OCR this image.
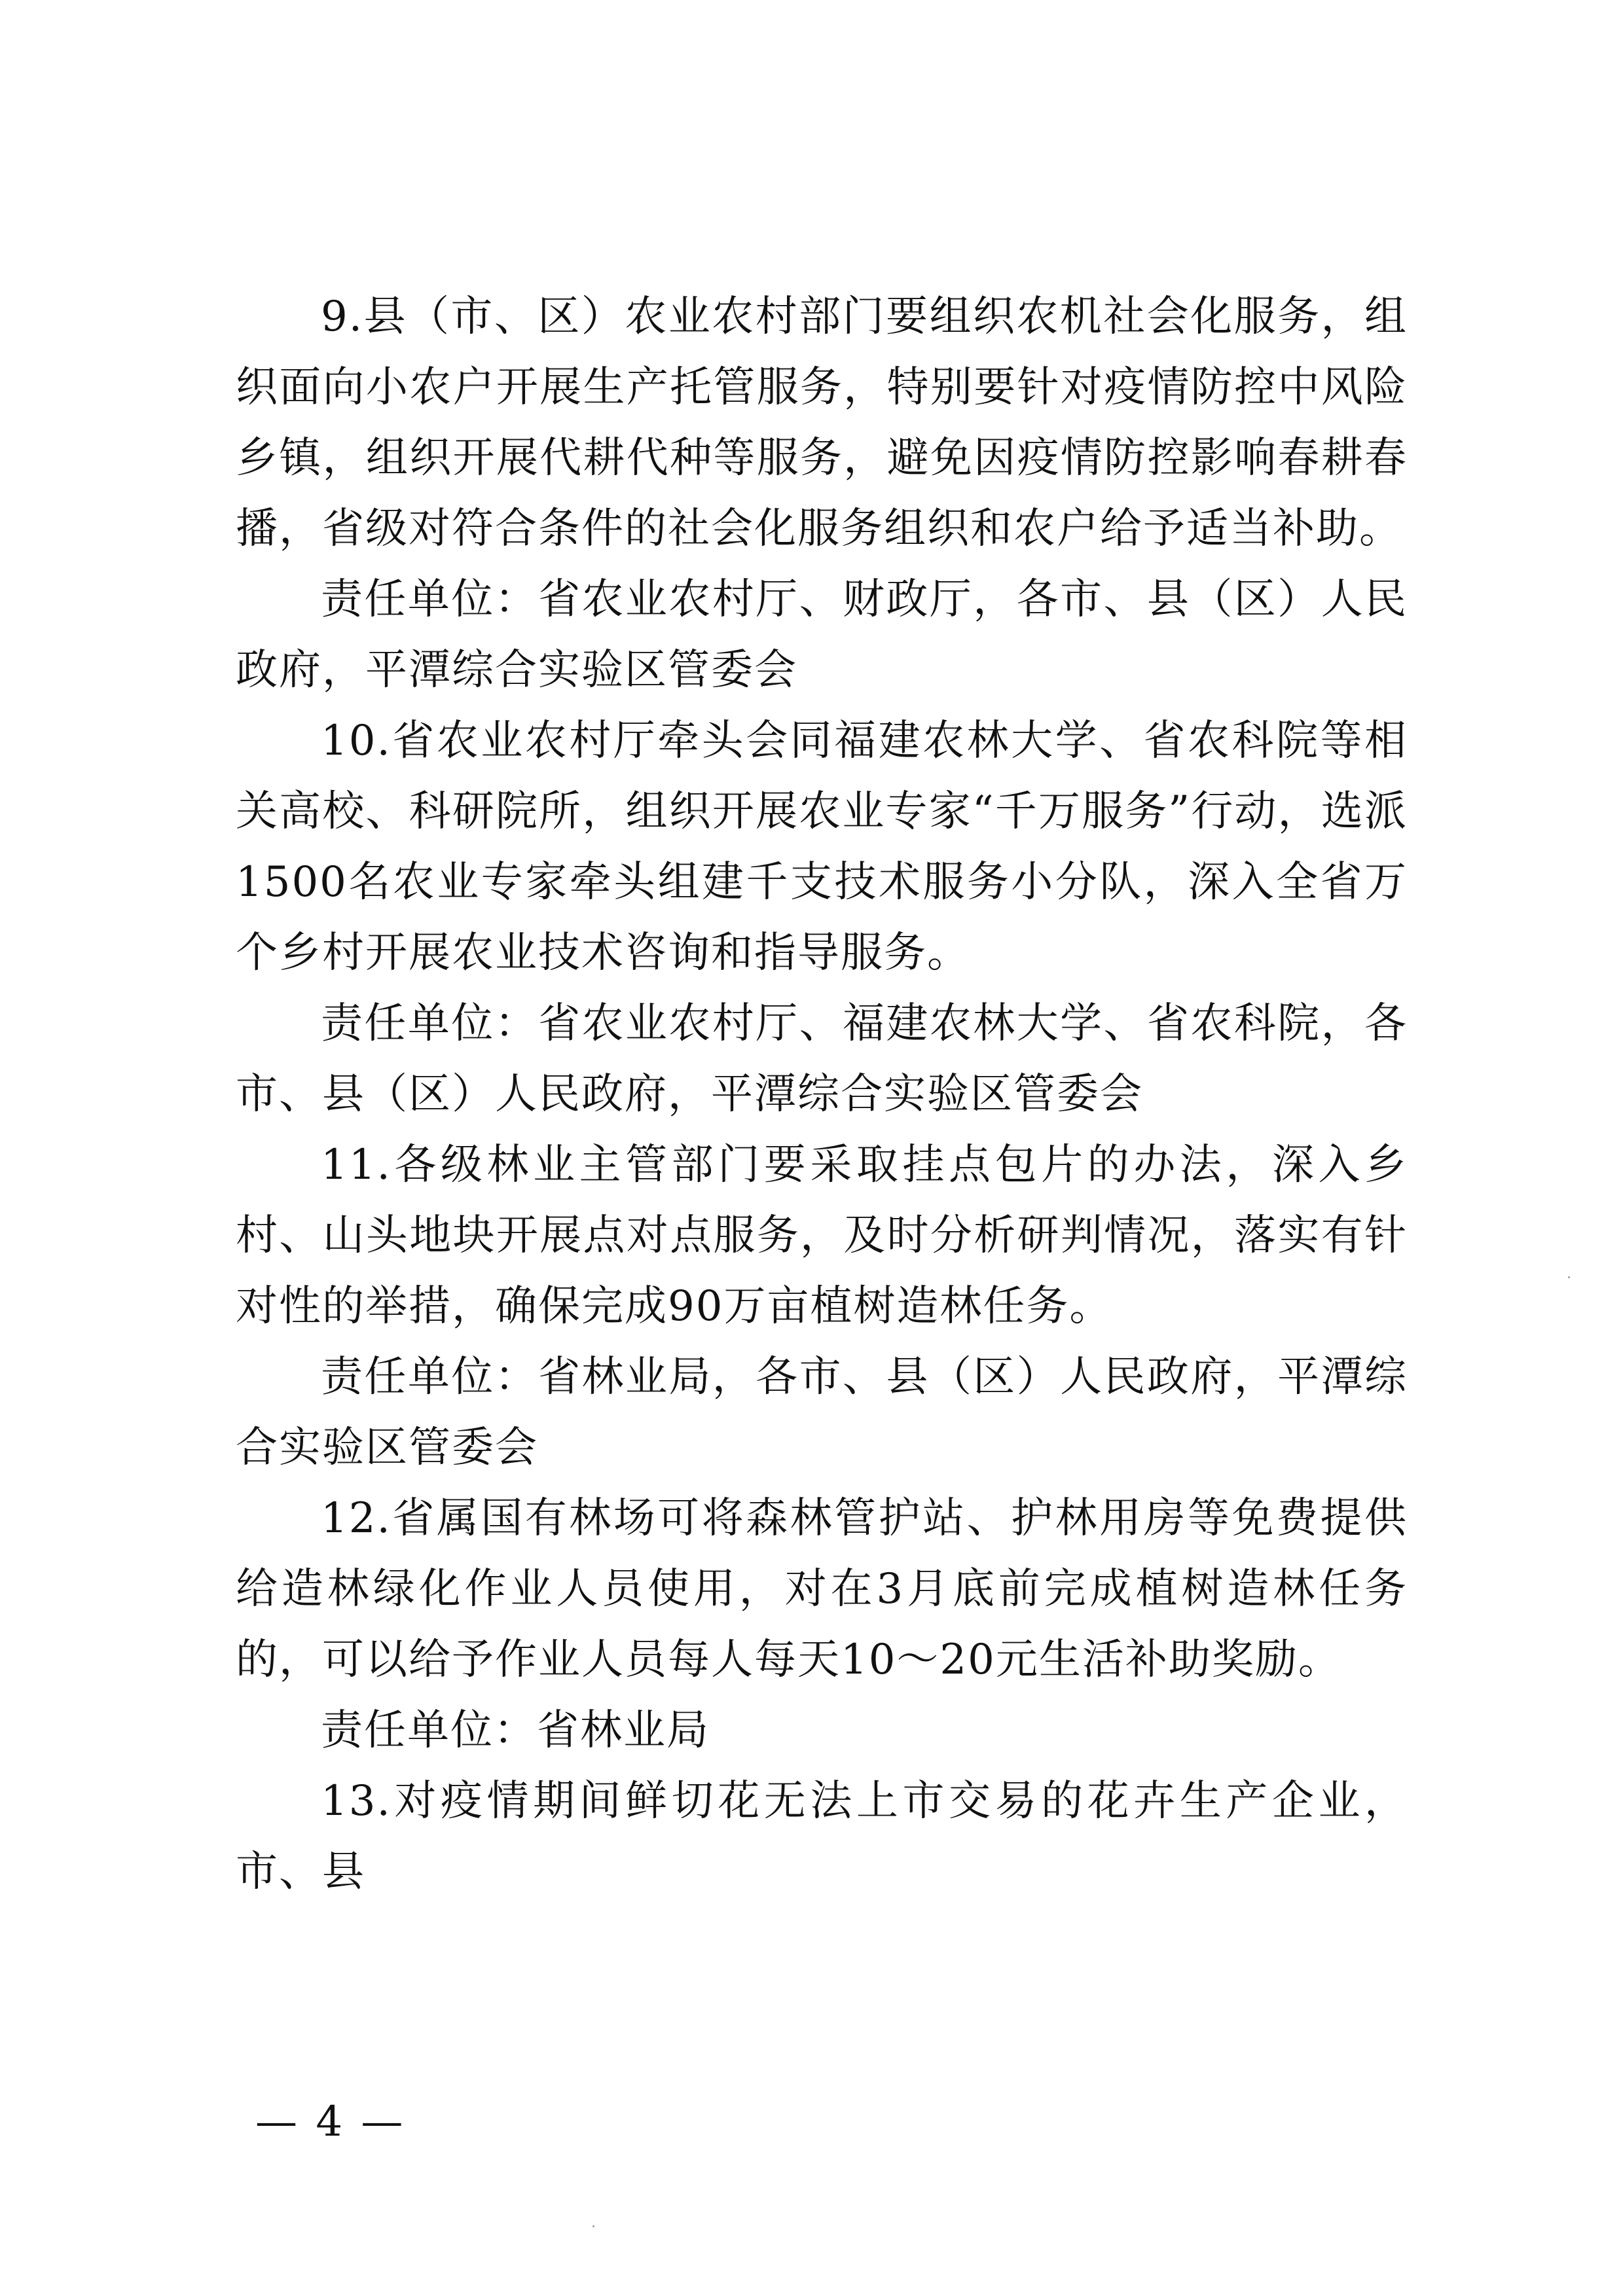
9.县（市、区）农业农村部门要组织农机社会化服务，组织面向小农户开展生产托管服务，特别要针对疫情防控中风险乡镇，组织开展代耕代种等服务，避免因疫情防控影响春耕春播，省级对符合条件的社会化服务组织和农户给予适当补助。

责任单位：省农业农村厅、财政厅，各市、县（区）人民政府，平潭综合实验区管委会

10.省农业农村厅牵头会同福建农林大学、省农科院等相关高校、科研院所，组织开展农业专家“千万服务”行动，选派1500名农业专家牵头组建千支技术服务小分队，深入全省万个乡村开展农业技术咨询和指导服务。

责任单位：省农业农村厅、福建农林大学、省农科院，各市、县（区）人民政府，平潭综合实验区管委会

11.各级林业主管部门要采取挂点包片的办法，深入乡村、山头地块开展点对点服务，及时分析研判情况，落实有针对性的举措，确保完成90万亩植树造林任务。

责任单位：省林业局，各市、县（区）人民政府，平潭综合实验区管委会

12.省属国有林场可将森林管护站、护林用房等免费提供给造林绿化作业人员使用，对在3月底前完成植树造林任务的，可以给予作业人员每人每天10～20元生活补助奖励。

责任单位：省林业局

13.对疫情期间鲜切花无法上市交易的花卉生产企业，市、县

— 4 —
